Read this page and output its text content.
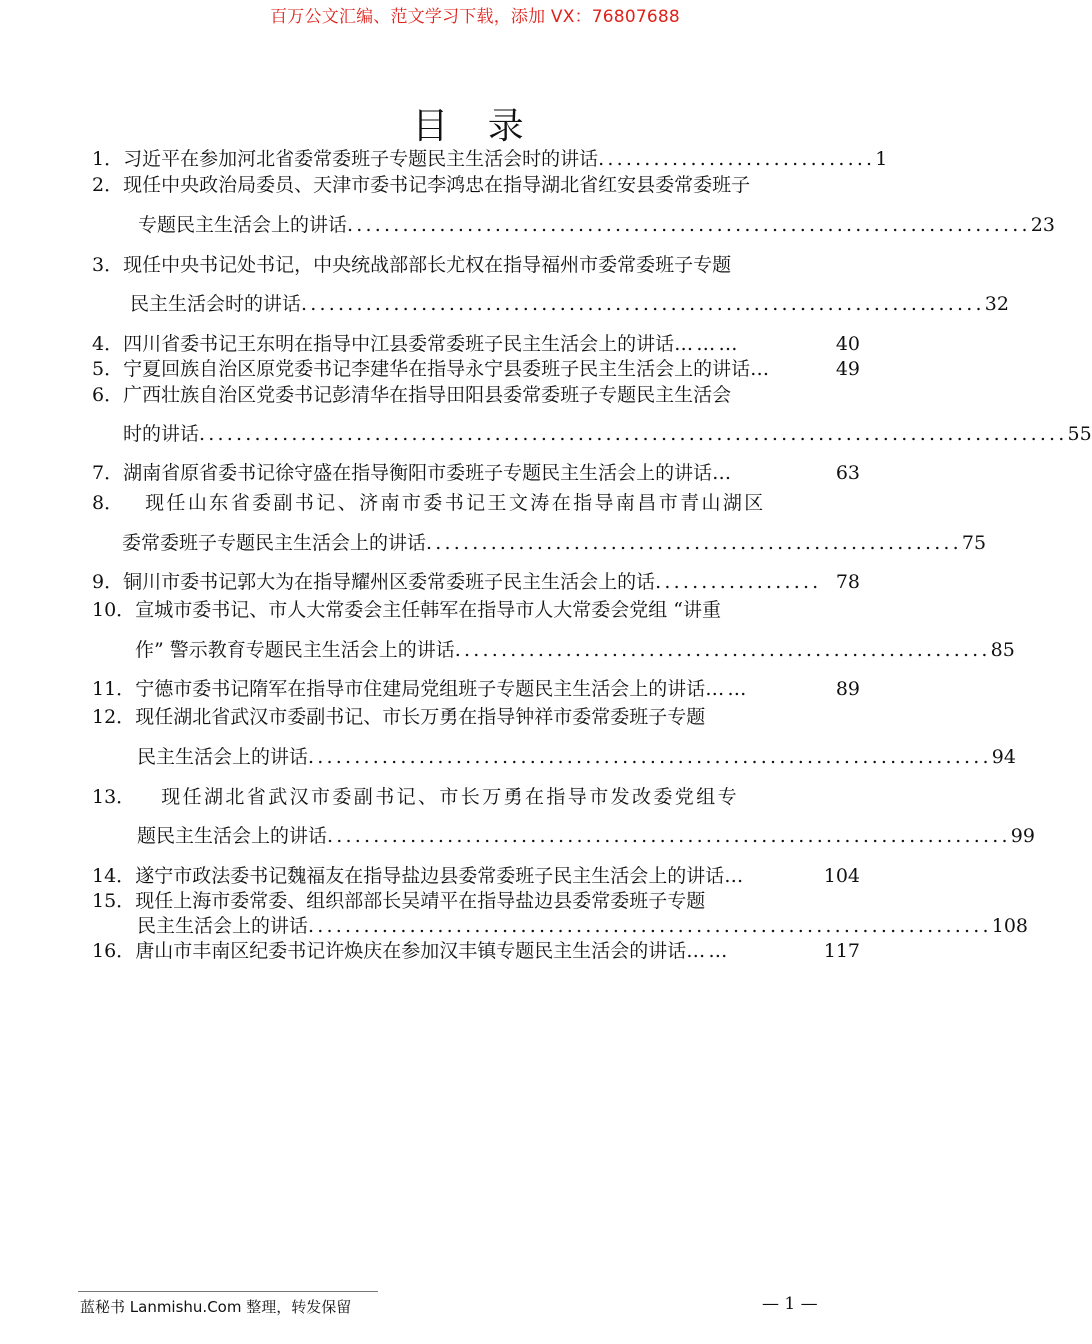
百万公文汇编、范文学习下载，添加 VX：76807688
目 录
1． 习近平在参加河北省委常委班子专题民主生活会时的讲话 .............................. 1
2． 现任中央政治局委员、天津市委书记李鸿忠在指导湖北省红安县委常委班子
专题民主生活会上的讲话 .......................................................................... 23
3． 现任中央书记处书记，中央统战部部长尤权在指导福州市委常委班子专题
民主生活会时的讲话 .......................................................................... 32
4． 四川省委书记王东明在指导中江县委常委班子民主生活会上的讲话 ………	40
5． 宁夏回族自治区原党委书记李建华在指导永宁县委班子民主生活会上的讲话 …	49
6． 广西壮族自治区党委书记彭清华在指导田阳县委常委班子专题民主生活会
时的讲话 .............................................................................................. 55
7． 湖南省原省委书记徐守盛在指导衡阳市委班子专题民主生活会上的讲话 …	63
8． 现任山东省委副书记、济南市委书记王文涛在指导南昌市青山湖区
委常委班子专题民主生活会上的讲话 .......................................................... 75
9． 铜川市委书记郭大为在指导耀州区委常委班子民主生活会上的话 .................. 78
10． 宣城市委书记、市人大常委会主任韩军在指导市人大常委会党组 “讲重
作” 警示教育专题民主生活会上的讲话 .......................................................... 85
11． 宁德市委书记隋军在指导市住建局党组班子专题民主生活会上的讲话 ……	89
12． 现任湖北省武汉市委副书记、市长万勇在指导钟祥市委常委班子专题
民主生活会上的讲话 .......................................................................... 94
13． 现任湖北省武汉市委副书记、市长万勇在指导市发改委党组专
题民主生活会上的讲话 .......................................................................... 99
14． 遂宁市政法委书记魏福友在指导盐边县委常委班子民主生活会上的讲话 …	104
15． 现任上海市委常委、组织部部长吴靖平在指导盐边县委常委班子专题
民主生活会上的讲话 .......................................................................... 108
16． 唐山市丰南区纪委书记许焕庆在参加汉丰镇专题民主生活会的讲话 ……	117
蓝秘书 Lanmishu.Com 整理，转发保留	— 1 —
